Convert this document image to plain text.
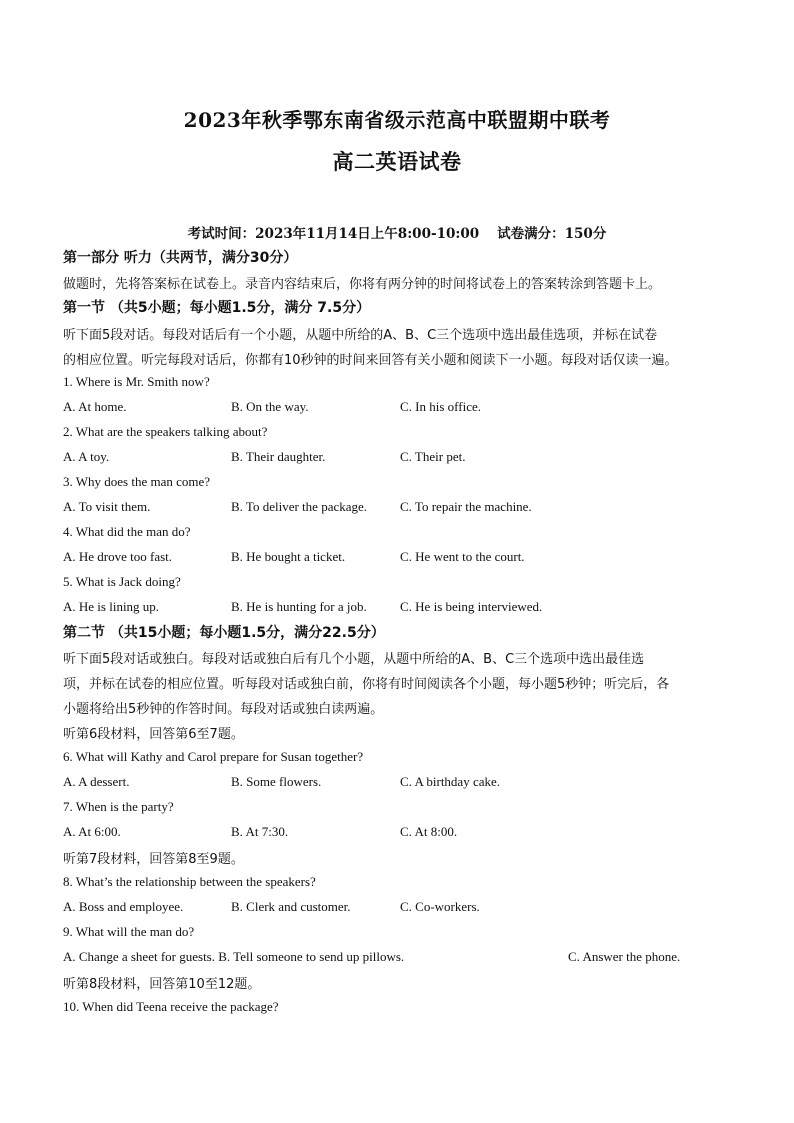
2023年秋季鄂东南省级示范高中联盟期中联考
高二英语试卷
考试时间：2023年11月14日上午8:00-10:00 试卷满分：150分
第一部分 听力（共两节，满分30分）
做题时，先将答案标在试卷上。录音内容结束后，你将有两分钟的时间将试卷上的答案转涂到答题卡上。
第一节 （共5小题；每小题1.5分，满分 7.5分）
听下面5段对话。每段对话后有一个小题，从题中所给的A、B、C三个选项中选出最佳选项，并标在试卷
的相应位置。听完每段对话后，你都有10秒钟的时间来回答有关小题和阅读下一小题。每段对话仅读一遍。
1. Where is Mr. Smith now?
A. At home.	B. On the way.	C. In his office.
2. What are the speakers talking about?
A. A toy.	B. Their daughter.	C. Their pet.
3. Why does the man come?
A. To visit them.	B. To deliver the package.	C. To repair the machine.
4. What did the man do?
A. He drove too fast.	B. He bought a ticket.	C. He went to the court.
5. What is Jack doing?
A. He is lining up.	B. He is hunting for a job.	C. He is being interviewed.
第二节 （共15小题；每小题1.5分，满分22.5分）
听下面5段对话或独白。每段对话或独白后有几个小题，从题中所给的A、B、C三个选项中选出最佳选
项，并标在试卷的相应位置。听每段对话或独白前，你将有时间阅读各个小题，每小题5秒钟；听完后，各
小题将给出5秒钟的作答时间。每段对话或独白读两遍。
听第6段材料，回答第6至7题。
6. What will Kathy and Carol prepare for Susan together?
A. A dessert.	B. Some flowers.	C. A birthday cake.
7. When is the party?
A. At 6:00.	B. At 7:30.	C. At 8:00.
听第7段材料，回答第8至9题。
8. What’s the relationship between the speakers?
A. Boss and employee.	B. Clerk and customer.	C. Co-workers.
9. What will the man do?
A. Change a sheet for guests. B. Tell someone to send up pillows.	C. Answer the phone.
听第8段材料，回答第10至12题。
10. When did Teena receive the package?
